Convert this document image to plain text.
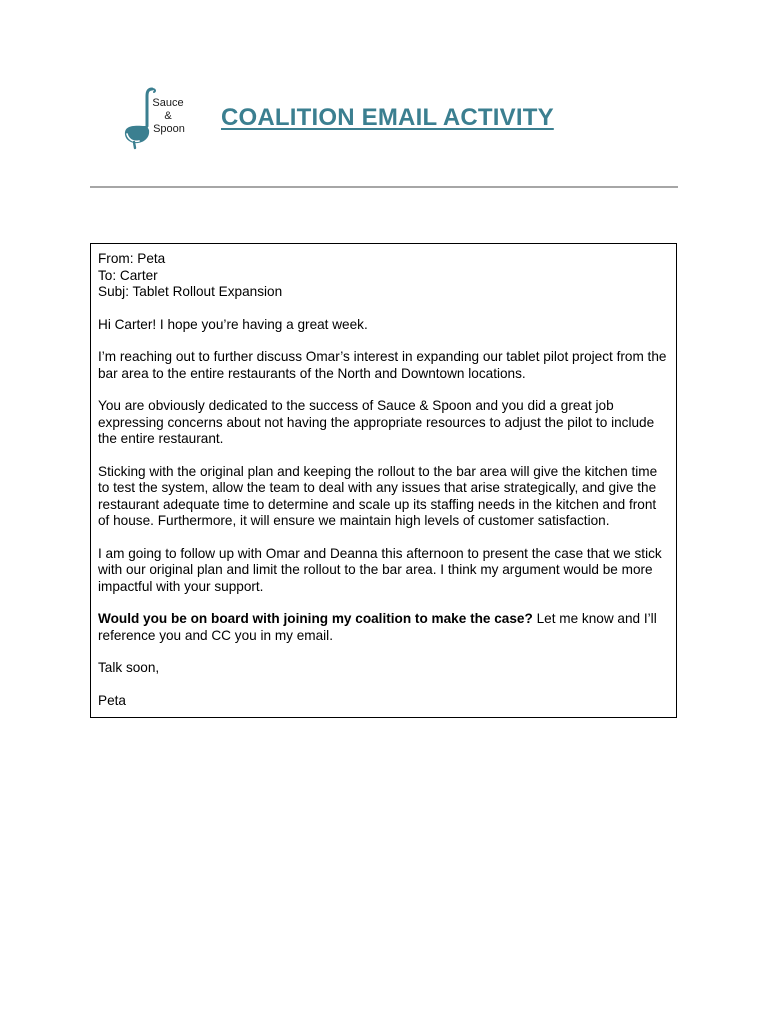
Sauce
&
Spoon COALITION EMAIL ACTIVITY

From: Peta

To: Carter

Subj: Tablet Rollout Expansion

Hi Carter! I hope you’re having a great week.

I’m reaching out to further discuss Omar’s interest in expanding our tablet pilot project from the bar area to the entire restaurants of the North and Downtown locations.

You are obviously dedicated to the success of Sauce & Spoon and you did a great job expressing concerns about not having the appropriate resources to adjust the pilot to include the entire restaurant.

Sticking with the original plan and keeping the rollout to the bar area will give the kitchen time to test the system, allow the team to deal with any issues that arise strategically, and give the restaurant adequate time to determine and scale up its staffing needs in the kitchen and front of house. Furthermore, it will ensure we maintain high levels of customer satisfaction.

I am going to follow up with Omar and Deanna this afternoon to present the case that we stick with our original plan and limit the rollout to the bar area. I think my argument would be more impactful with your support.

Would you be on board with joining my coalition to make the case? Let me know and I’ll reference you and CC you in my email.

Talk soon,

Peta
